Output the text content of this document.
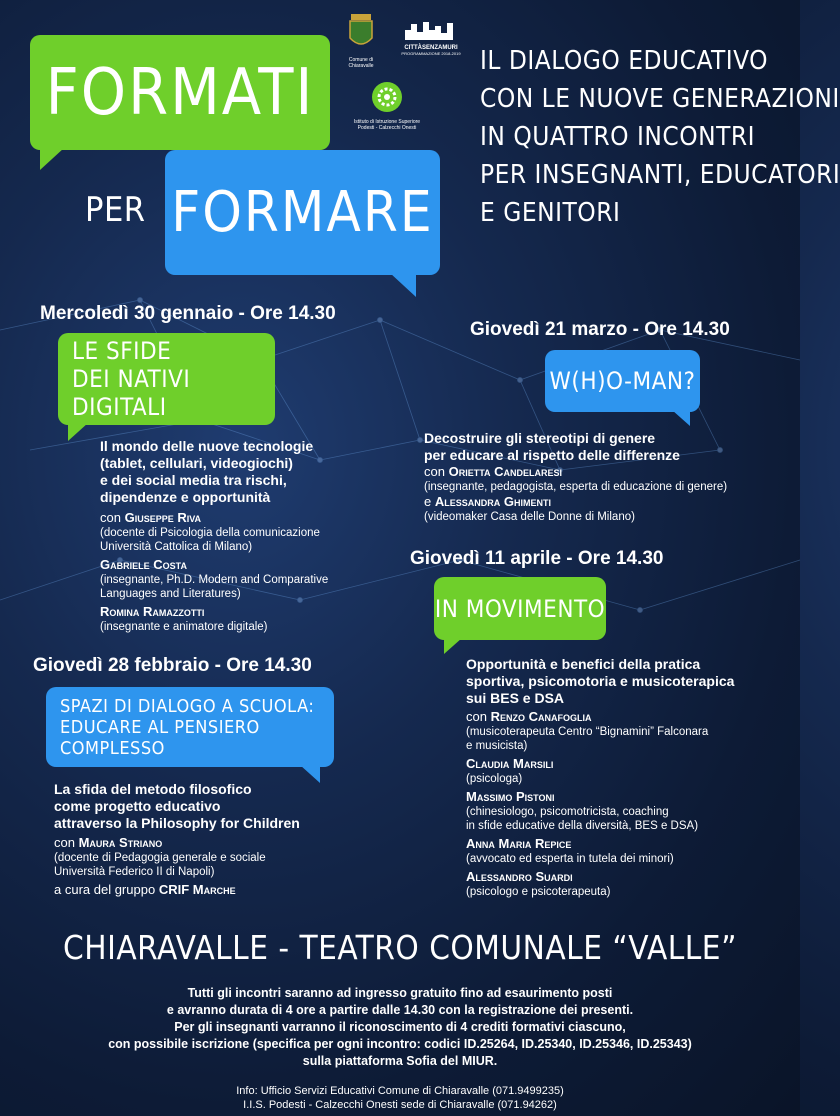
FORMATI
PER FORMARE
Comune di Chiaravalle
CITTÀSENZAMURI
PROGRAMMAZIONE 2018-2019
Istituto di Istruzione Superiore Podesti - Calzecchi Onesti
IL DIALOGO EDUCATIVO
CON LE NUOVE GENERAZIONI
IN QUATTRO INCONTRI
PER INSEGNANTI, EDUCATORI
E GENITORI
Mercoledì 30 gennaio - Ore 14.30
LE SFIDE
DEI NATIVI DIGITALI
Il mondo delle nuove tecnologie
(tablet, cellulari, videogiochi)
e dei social media tra rischi,
dipendenze e opportunità
con Giuseppe Riva
(docente di Psicologia della comunicazione
Università Cattolica di Milano)
Gabriele Costa
(insegnante, Ph.D. Modern and Comparative
Languages and Literatures)
Romina Ramazzotti
(insegnante e animatore digitale)
Giovedì 28 febbraio - Ore 14.30
SPAZI DI DIALOGO A SCUOLA:
EDUCARE AL PENSIERO COMPLESSO
La sfida del metodo filosofico
come progetto educativo
attraverso la Philosophy for Children
con Maura Striano
(docente di Pedagogia generale e sociale
Università Federico II di Napoli)
a cura del gruppo CRIF Marche
Giovedì 21 marzo - Ore 14.30
W(H)O-MAN?
Decostruire gli stereotipi di genere
per educare al rispetto delle differenze
con Orietta Candelaresi
(insegnante, pedagogista, esperta di educazione di genere)
e Alessandra Ghimenti
(videomaker Casa delle Donne di Milano)
Giovedì 11 aprile - Ore 14.30
IN MOVIMENTO
Opportunità e benefici della pratica
sportiva, psicomotoria e musicoterapica
sui BES e DSA
con Renzo Canafoglia
(musicoterapeuta Centro “Bignamini” Falconara
e musicista)
Claudia Marsili
(psicologa)
Massimo Pistoni
(chinesiologo, psicomotricista, coaching
in sfide educative della diversità, BES e DSA)
Anna Maria Repice
(avvocato ed esperta in tutela dei minori)
Alessandro Suardi
(psicologo e psicoterapeuta)
CHIARAVALLE - TEATRO COMUNALE “VALLE”
Tutti gli incontri saranno ad ingresso gratuito fino ad esaurimento posti
e avranno durata di 4 ore a partire dalle 14.30 con la registrazione dei presenti.
Per gli insegnanti varranno il riconoscimento di 4 crediti formativi ciascuno,
con possibile iscrizione (specifica per ogni incontro: codici ID.25264, ID.25340, ID.25346, ID.25343)
sulla piattaforma Sofia del MIUR.
Info: Ufficio Servizi Educativi Comune di Chiaravalle (071.9499235)
I.I.S. Podesti - Calzecchi Onesti sede di Chiaravalle (071.94262)
